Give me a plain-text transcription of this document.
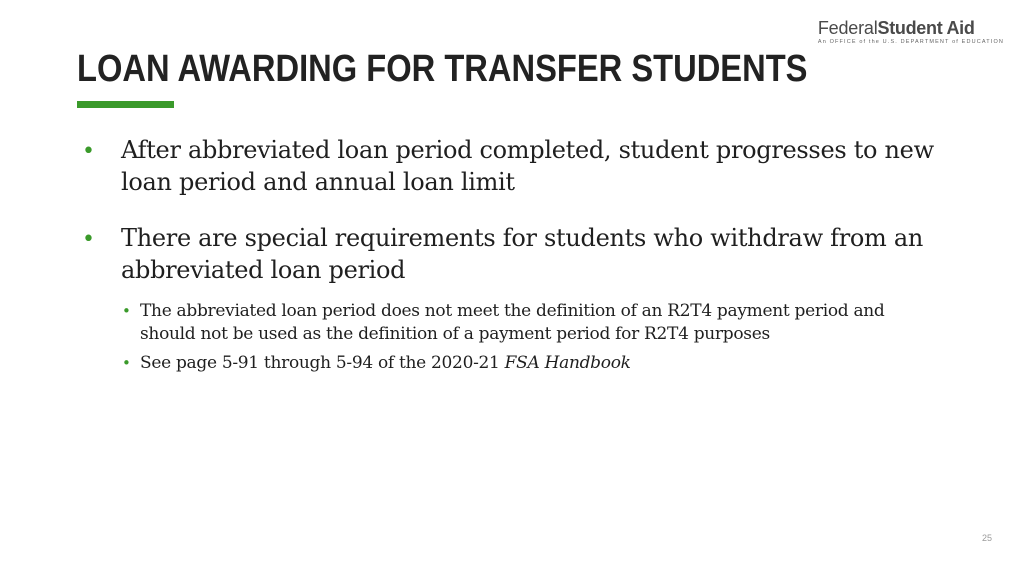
FederalStudent Aid
An OFFICE of the U.S. DEPARTMENT of EDUCATION
LOAN AWARDING FOR TRANSFER STUDENTS
• After abbreviated loan period completed, student progresses to new loan period and annual loan limit
• There are special requirements for students who withdraw from an abbreviated loan period
• The abbreviated loan period does not meet the definition of an R2T4 payment period and should not be used as the definition of a payment period for R2T4 purposes
• See page 5-91 through 5-94 of the 2020-21 FSA Handbook
25
